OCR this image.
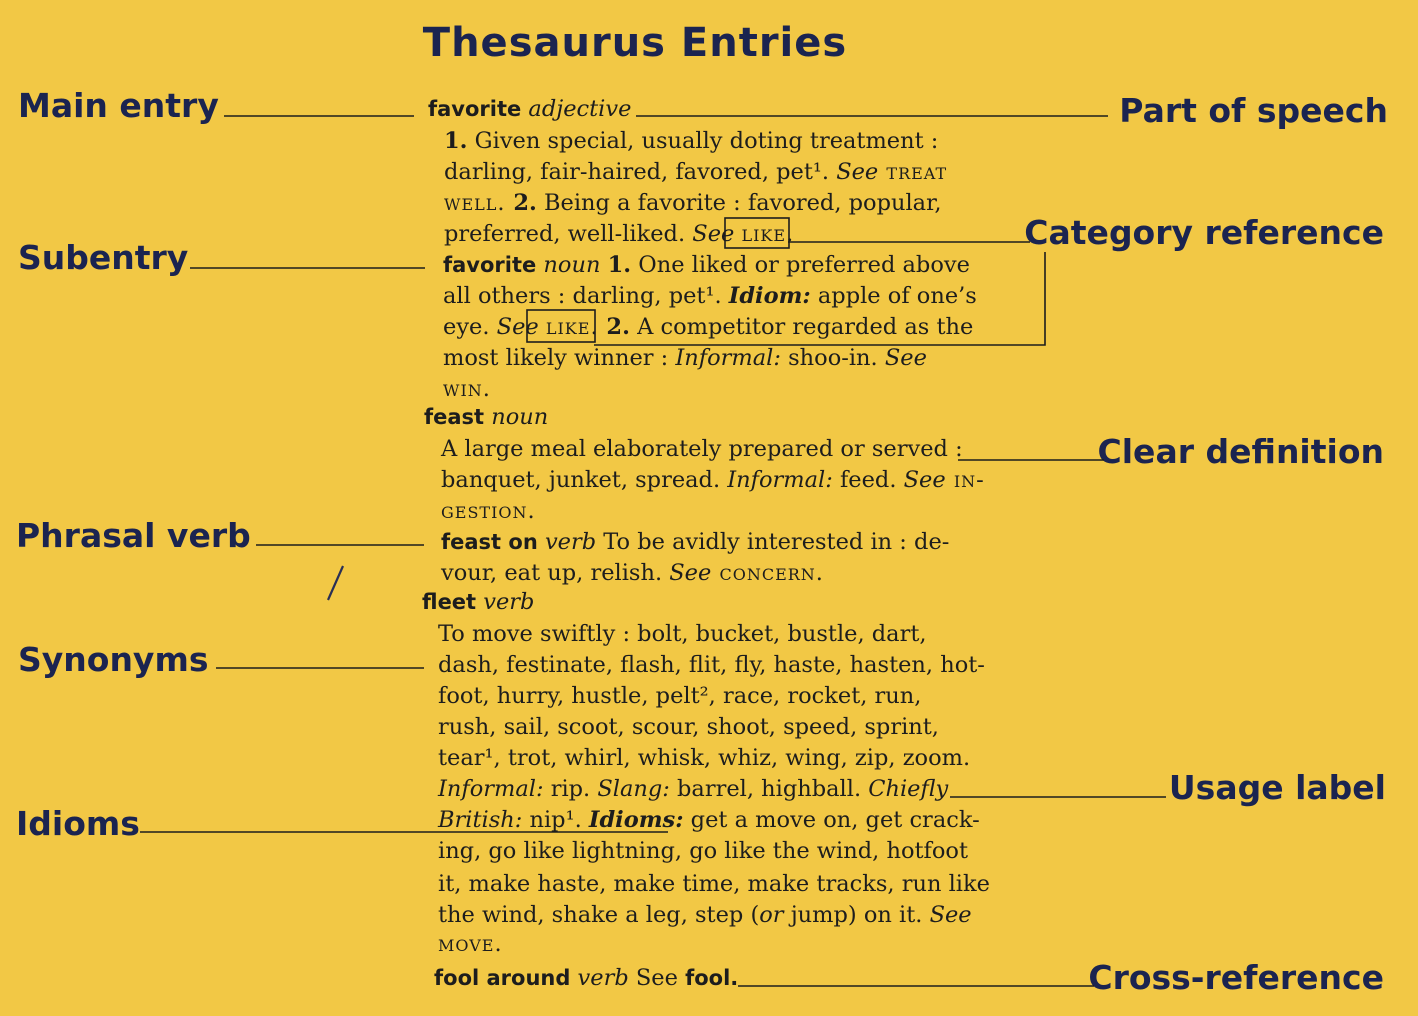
Thesaurus Entries
Main entry
Subentry
Phrasal verb
Synonyms
Idioms
Part of speech
Category reference
Clear definition
Usage label
Cross-reference
favorite adjective
1. Given special, usually doting treatment :
darling, fair-haired, favored, pet¹. See treat
well. 2. Being a favorite : favored, popular,
preferred, well-liked. See like.
favorite noun 1. One liked or preferred above
all others : darling, pet¹. Idiom: apple of one’s
eye. See like. 2. A competitor regarded as the
most likely winner : Informal: shoo-in. See
win.
feast noun
A large meal elaborately prepared or served :
banquet, junket, spread. Informal: feed. See in-
gestion.
feast on verb To be avidly interested in : de-
vour, eat up, relish. See concern.
fleet verb
To move swiftly : bolt, bucket, bustle, dart,
dash, festinate, flash, flit, fly, haste, hasten, hot-
foot, hurry, hustle, pelt², race, rocket, run,
rush, sail, scoot, scour, shoot, speed, sprint,
tear¹, trot, whirl, whisk, whiz, wing, zip, zoom.
Informal: rip. Slang: barrel, highball. Chiefly
British: nip¹. Idioms: get a move on, get crack-
ing, go like lightning, go like the wind, hotfoot
it, make haste, make time, make tracks, run like
the wind, shake a leg, step (or jump) on it. See
move.
fool around verb See fool.
